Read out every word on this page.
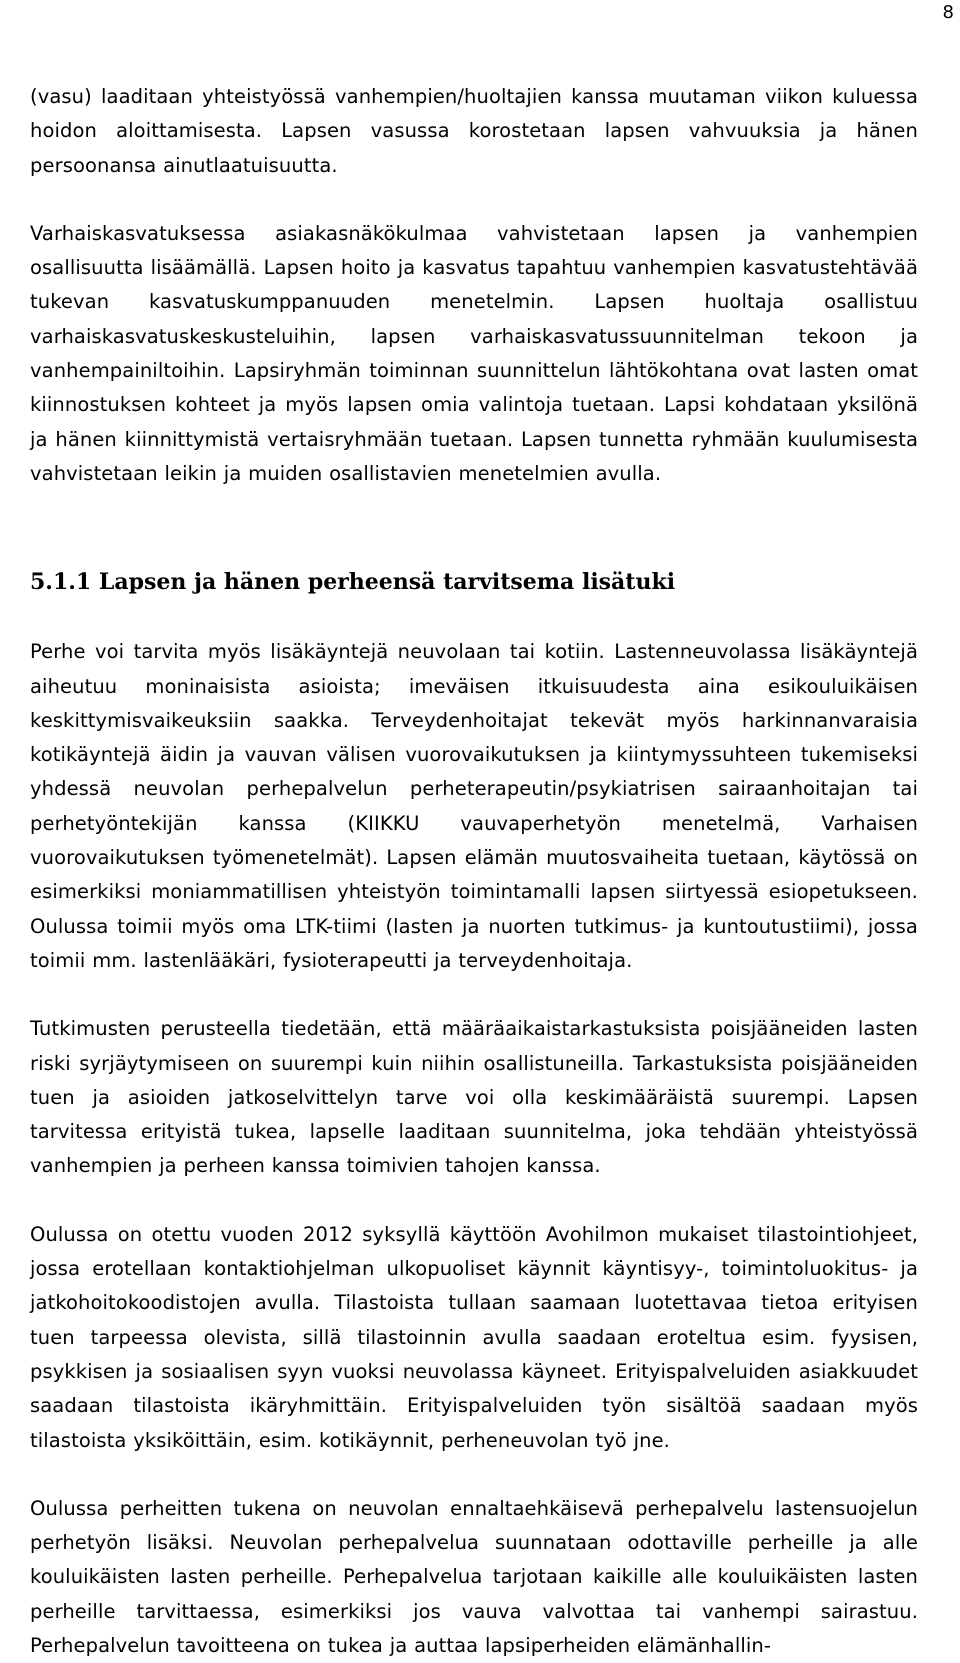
8

(vasu) laaditaan yhteistyössä vanhempien/huoltajien kanssa muutaman viikon kuluessa hoidon aloittamisesta. Lapsen vasussa korostetaan lapsen vahvuuksia ja hänen persoonansa ainutlaatuisuutta.

Varhaiskasvatuksessa asiakasnäkökulmaa vahvistetaan lapsen ja vanhempien osallisuutta lisäämällä. Lapsen hoito ja kasvatus tapahtuu vanhempien kasvatustehtävää tukevan kasvatuskumppanuuden menetelmin. Lapsen huoltaja osallistuu varhaiskasvatuskeskusteluihin, lapsen varhaiskasvatussuunnitelman tekoon ja vanhempainiltoihin. Lapsiryhmän toiminnan suunnittelun lähtökohtana ovat lasten omat kiinnostuksen kohteet ja myös lapsen omia valintoja tuetaan. Lapsi kohdataan yksilönä ja hänen kiinnittymistä vertaisryhmään tuetaan. Lapsen tunnetta ryhmään kuulumisesta vahvistetaan leikin ja muiden osallistavien menetelmien avulla.

5.1.1 Lapsen ja hänen perheensä tarvitsema lisätuki

Perhe voi tarvita myös lisäkäyntejä neuvolaan tai kotiin. Lastenneuvolassa lisäkäyntejä aiheutuu moninaisista asioista; imeväisen itkuisuudesta aina esikouluikäisen keskittymisvaikeuksiin saakka. Terveydenhoitajat tekevät myös harkinnanvaraisia kotikäyntejä äidin ja vauvan välisen vuorovaikutuksen ja kiintymyssuhteen tukemiseksi yhdessä neuvolan perhepalvelun perheterapeutin/psykiatrisen sairaanhoitajan tai perhetyöntekijän kanssa (KIIKKU vauvaperhetyön menetelmä, Varhaisen vuorovaikutuksen työmenetelmät). Lapsen elämän muutosvaiheita tuetaan, käytössä on esimerkiksi moniammatillisen yhteistyön toimintamalli lapsen siirtyessä esiopetukseen. Oulussa toimii myös oma LTK-tiimi (lasten ja nuorten tutkimus- ja kuntoutustiimi), jossa toimii mm. lastenlääkäri, fysioterapeutti ja terveydenhoitaja.

Tutkimusten perusteella tiedetään, että määräaikaistarkastuksista poisjääneiden lasten riski syrjäytymiseen on suurempi kuin niihin osallistuneilla. Tarkastuksista poisjääneiden tuen ja asioiden jatkoselvittelyn tarve voi olla keskimääräistä suurempi. Lapsen tarvitessa erityistä tukea, lapselle laaditaan suunnitelma, joka tehdään yhteistyössä vanhempien ja perheen kanssa toimivien tahojen kanssa.

Oulussa on otettu vuoden 2012 syksyllä käyttöön Avohilmon mukaiset tilastointiohjeet, jossa erotellaan kontaktiohjelman ulkopuoliset käynnit käyntisyy-, toimintoluokitus- ja jatkohoitokoodistojen avulla. Tilastoista tullaan saamaan luotettavaa tietoa erityisen tuen tarpeessa olevista, sillä tilastoinnin avulla saadaan eroteltua esim. fyysisen, psykkisen ja sosiaalisen syyn vuoksi neuvolassa käyneet. Erityispalveluiden asiakkuudet saadaan tilastoista ikäryhmittäin. Erityispalveluiden työn sisältöä saadaan myös tilastoista yksiköittäin, esim. kotikäynnit, perheneuvolan työ jne.

Oulussa perheitten tukena on neuvolan ennaltaehkäisevä perhepalvelu lastensuojelun perhetyön lisäksi. Neuvolan perhepalvelua suunnataan odottaville perheille ja alle kouluikäisten lasten perheille. Perhepalvelua tarjotaan kaikille alle kouluikäisten lasten perheille tarvittaessa, esimerkiksi jos vauva valvottaa tai vanhempi sairastuu. Perhepalvelun tavoitteena on tukea ja auttaa lapsiperheiden elämänhallin-
